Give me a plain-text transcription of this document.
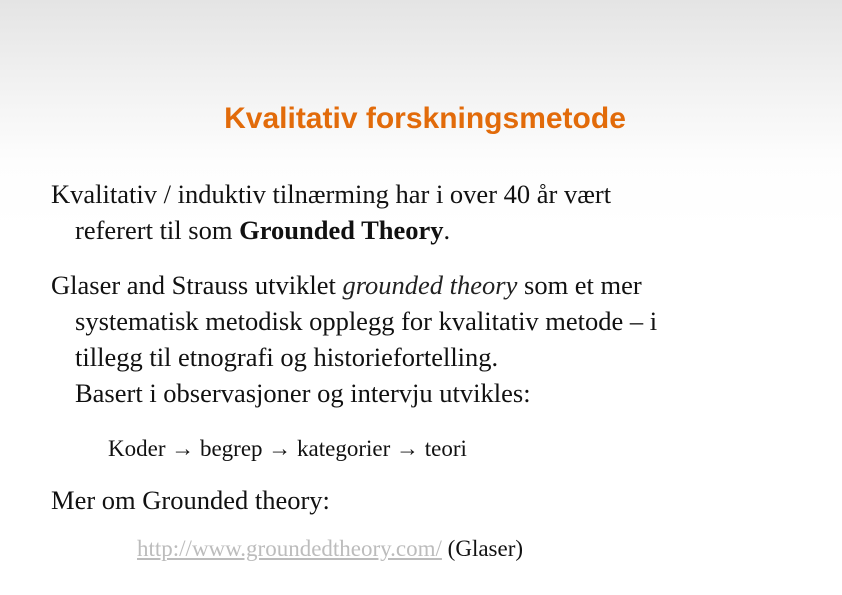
Kvalitativ forskningsmetode

Kvalitativ / induktiv tilnærming har i over 40 år vært
referert til som Grounded Theory.

Glaser and Strauss utviklet grounded theory som et mer
systematisk metodisk opplegg for kvalitativ metode – i
tillegg til etnografi og historiefortelling.
Basert i observasjoner og intervju utvikles:

Koder → begrep → kategorier → teori

Mer om Grounded theory:

http://www.groundedtheory.com/ (Glaser)
